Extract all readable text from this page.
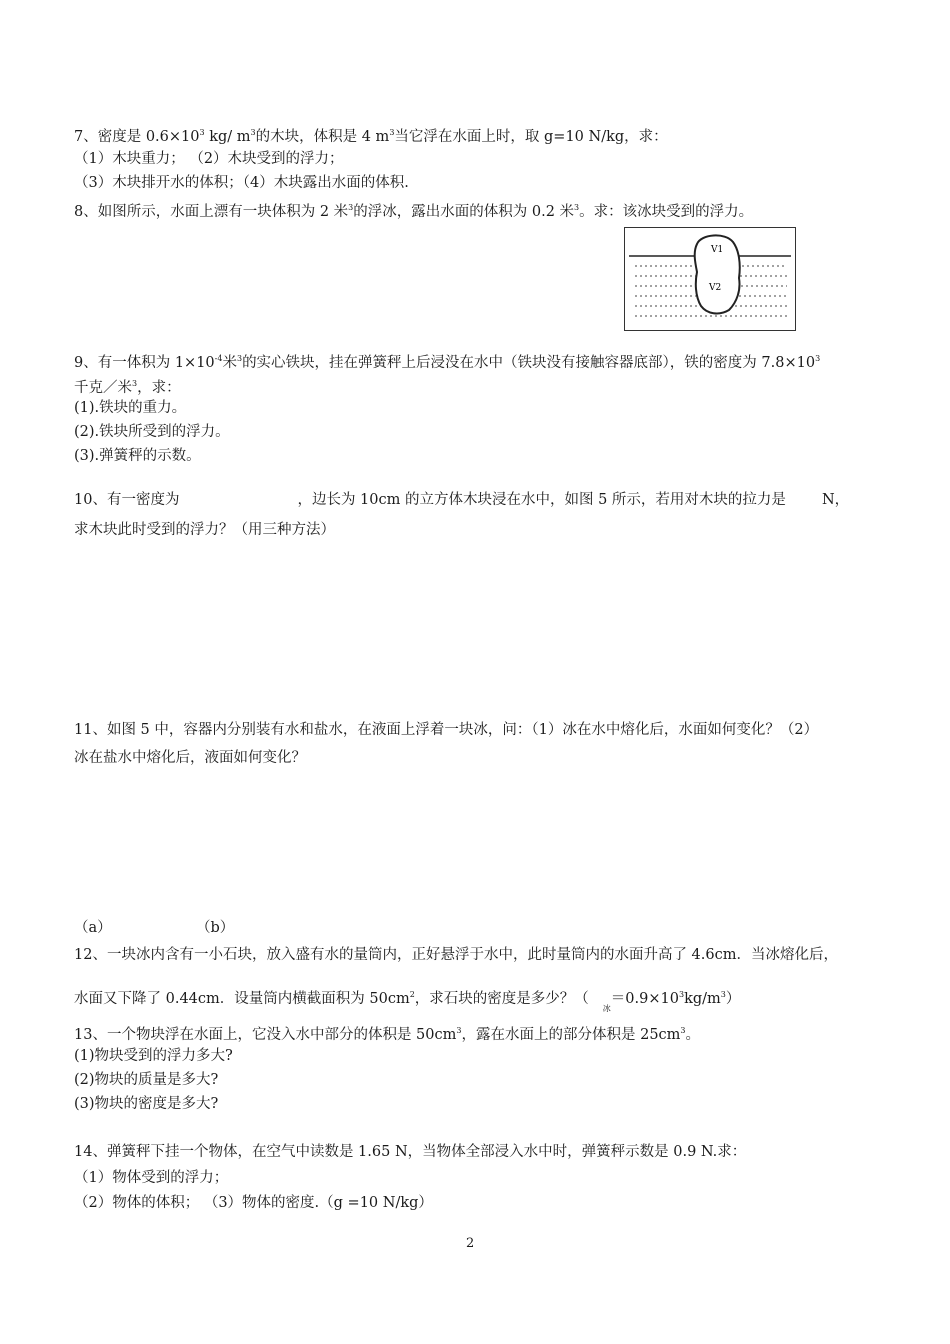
7、密度是 $0.6\times 10^3$ kg/ $m^3$的木块，体积是 4 $m^3$当它浮在水面上时，取 g=10 N/kg，求：
（1）木块重力； （2）木块受到的浮力；
（3）木块排开水的体积；（4）木块露出水面的体积.
8、如图所示，水面上漂有一块体积为 2 米$^3$的浮冰，露出水面的体积为 0.2 米$^3$。求：该冰块受到的浮力。
V1
V2
9、有一体积为 $1\times 10^{-4}$米$^3$的实心铁块，挂在弹簧秤上后浸没在水中（铁块没有接触容器底部），铁的密度为 $7.8\times 10^3$
千克／米$^3$，求：
(1).铁块的重力。
(2).铁块所受到的浮力。
(3).弹簧秤的示数。
10、有一密度为	，边长为 10cm 的立方体木块浸在水中，如图 5 所示，若用对木块的拉力是 N，
求木块此时受到的浮力？（用三种方法）
11、如图 5 中，容器内分别装有水和盐水，在液面上浮着一块冰，问：（1）冰在水中熔化后，水面如何变化？（2）
冰在盐水中熔化后，液面如何变化？
（a）	（b）
12、一块冰内含有一小石块，放入盛有水的量筒内，正好悬浮于水中，此时量筒内的水面升高了 4.6cm．当冰熔化后，
水面又下降了 0.44cm．设量筒内横截面积为 $50cm^2$，求石块的密度是多少？$(_冰=0.9\times 10^3kg/m^3)$
13、一个物块浮在水面上，它没入水中部分的体积是 $50cm^3$，露在水面上的部分体积是 $25cm^3$。
(1)物块受到的浮力多大?
(2)物块的质量是多大?
(3)物块的密度是多大?
14、弹簧秤下挂一个物体，在空气中读数是 1.65 N，当物体全部浸入水中时，弹簧秤示数是 0.9 N.求：
（1）物体受到的浮力；
（2）物体的体积； （3）物体的密度.（g =10 N/kg）
2
